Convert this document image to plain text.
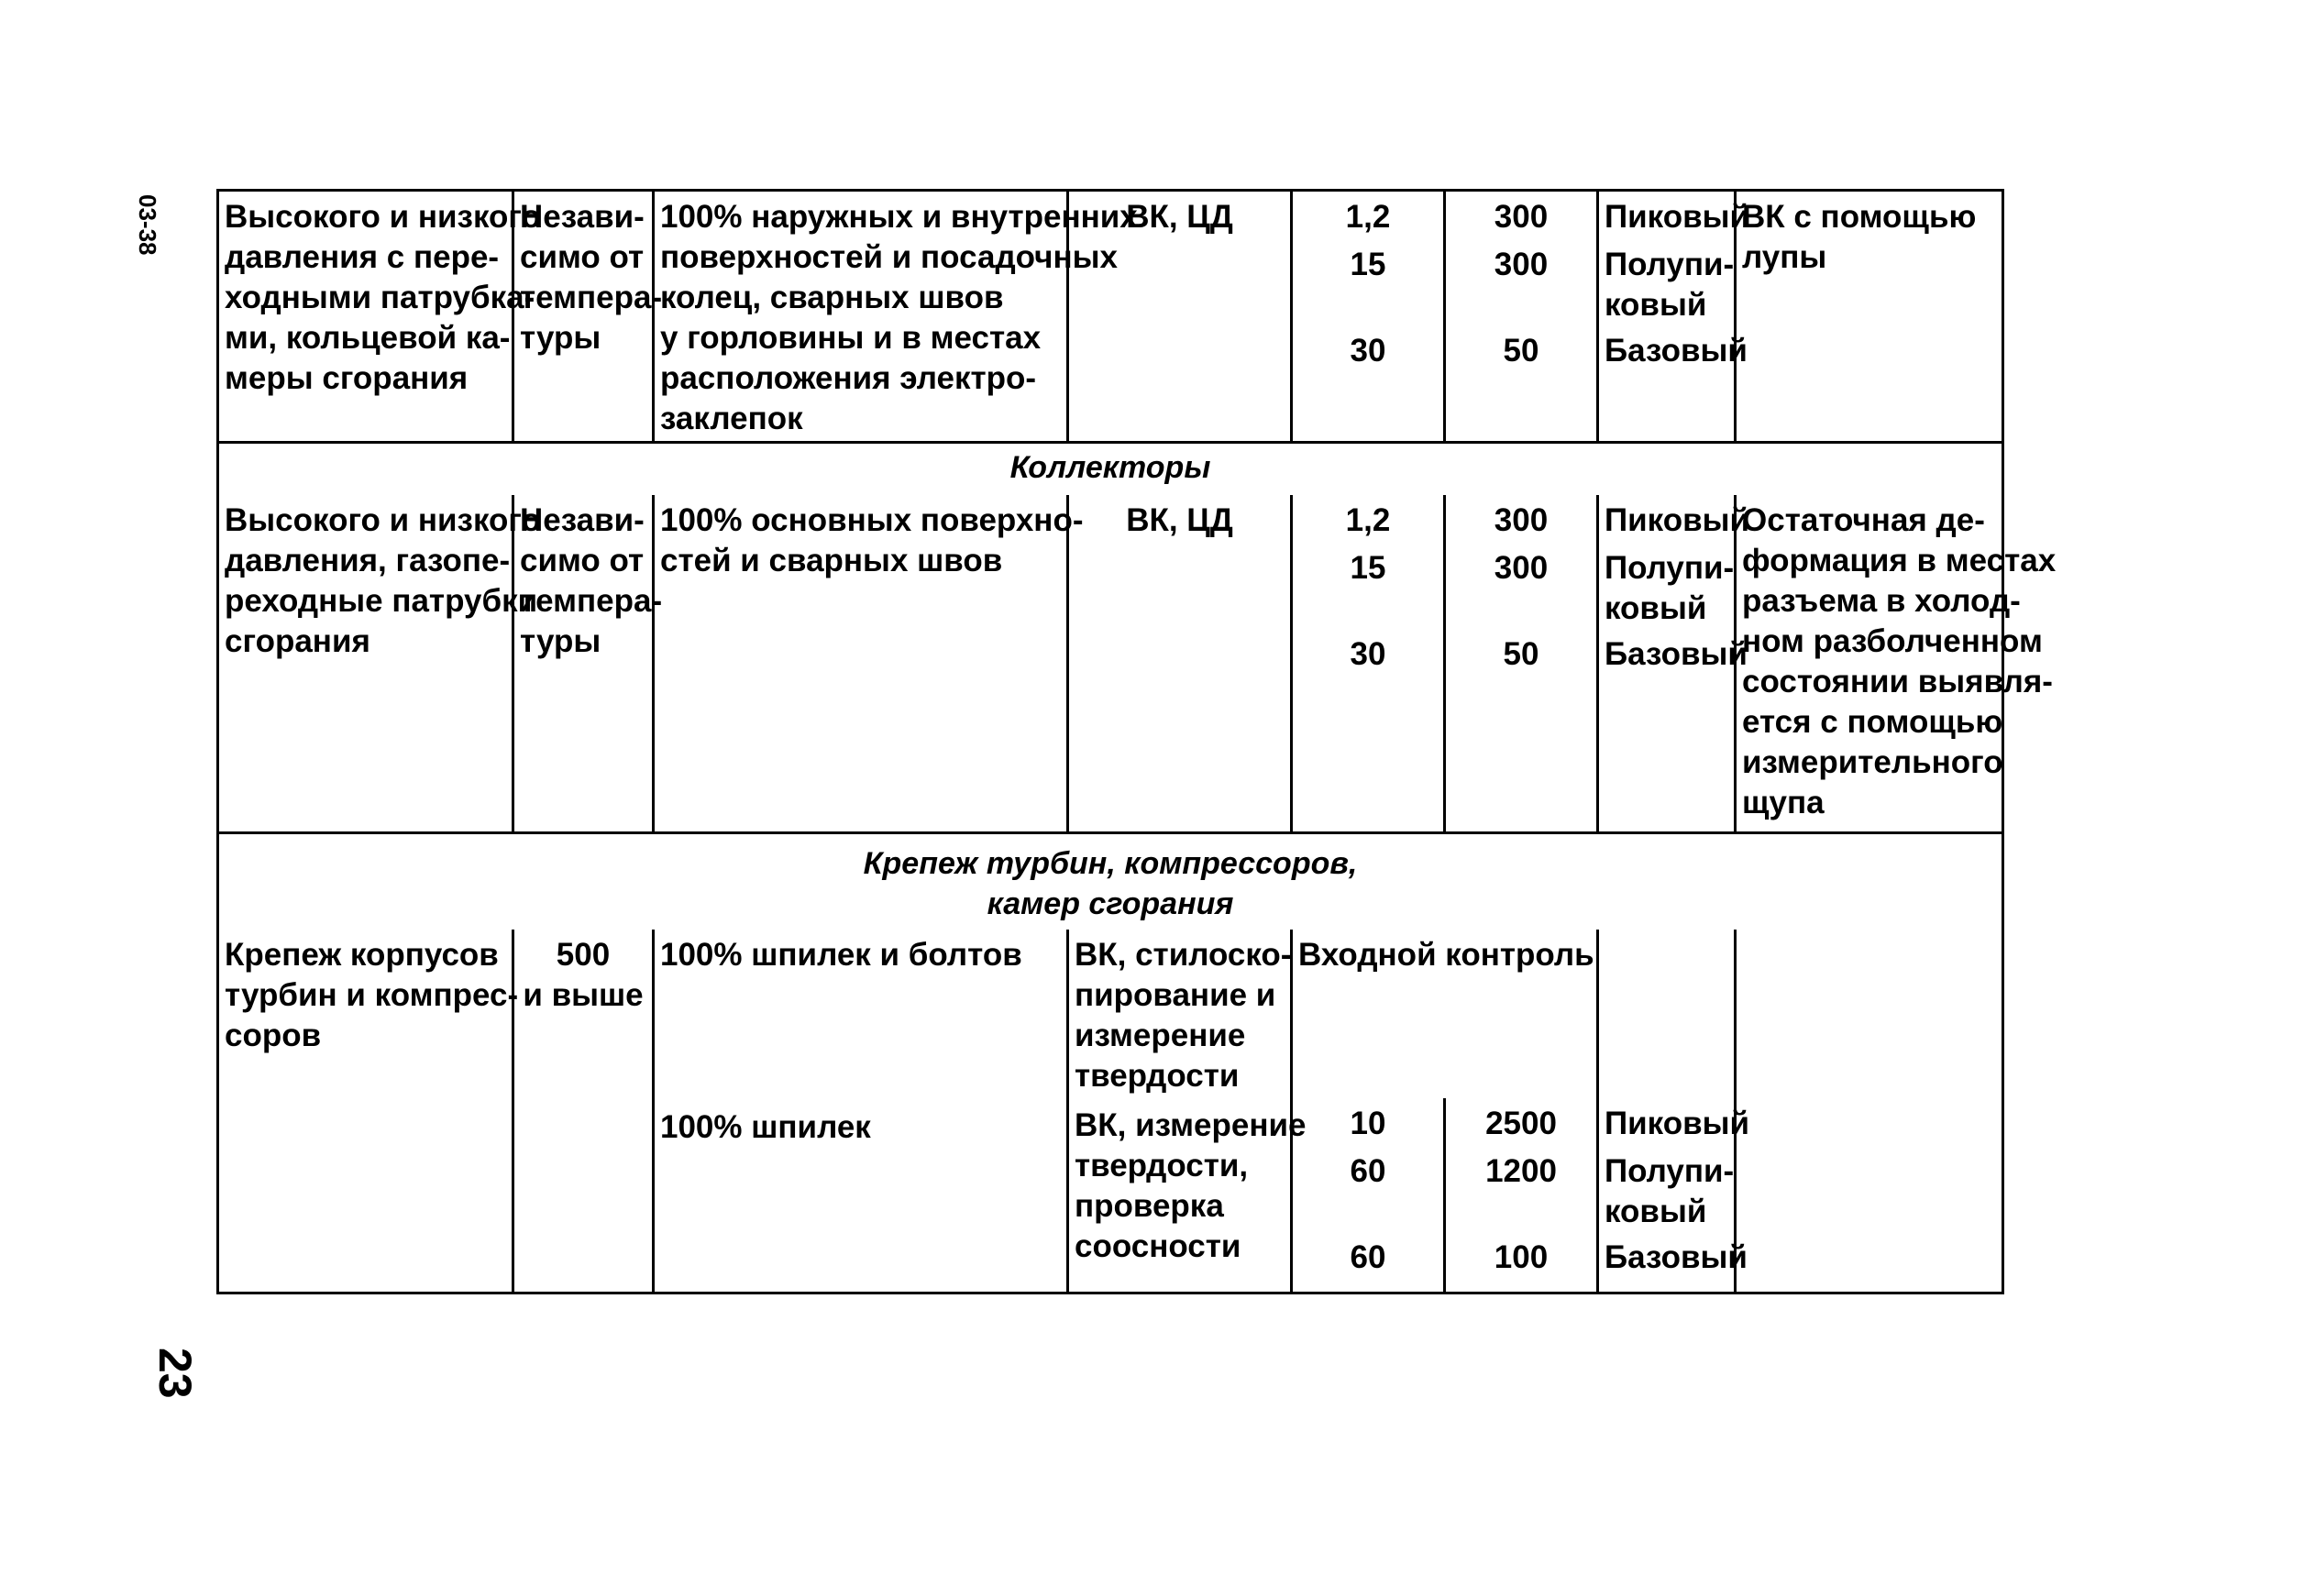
03-38
23
Высокого и низкого
давления с пере-
ходными патрубка-
ми, кольцевой ка-
меры сгорания
Незави-
симо от
темпера-
туры
100% наружных и внутренних
поверхностей и посадочных
колец, сварных швов
у горловины и в местах
расположения электро-
заклепок
ВК, ЦД	1,2
15
30
300
300
50
Пиковый
Полупи-
ковый
Базовый
ВК с помощью
лупы
Коллекторы
Высокого и низкого
давления, газопе-
реходные патрубки
сгорания
Незави-
симо от
темпера-
туры
100% основных поверхно-
стей и сварных швов
ВК, ЦД	1,2
15
30
300
300
50
Пиковый
Полупи-
ковый
Базовый
Остаточная де-
формация в местах
разъема в холод-
ном разболченном
состоянии выявля-
ется с помощью
измерительного
щупа
Крепеж турбин, компрессоров,
камер сгорания
Крепеж корпусов
турбин и компрес-
соров
500
и выше
100% шпилек и болтов
100% шпилек
ВК, стилоско-
пирование и
измерение
твердости
ВК, измерение
твердости,
проверка
соосности
Входной контроль
10
60
60
2500
1200
100
Пиковый
Полупи-
ковый
Базовый
